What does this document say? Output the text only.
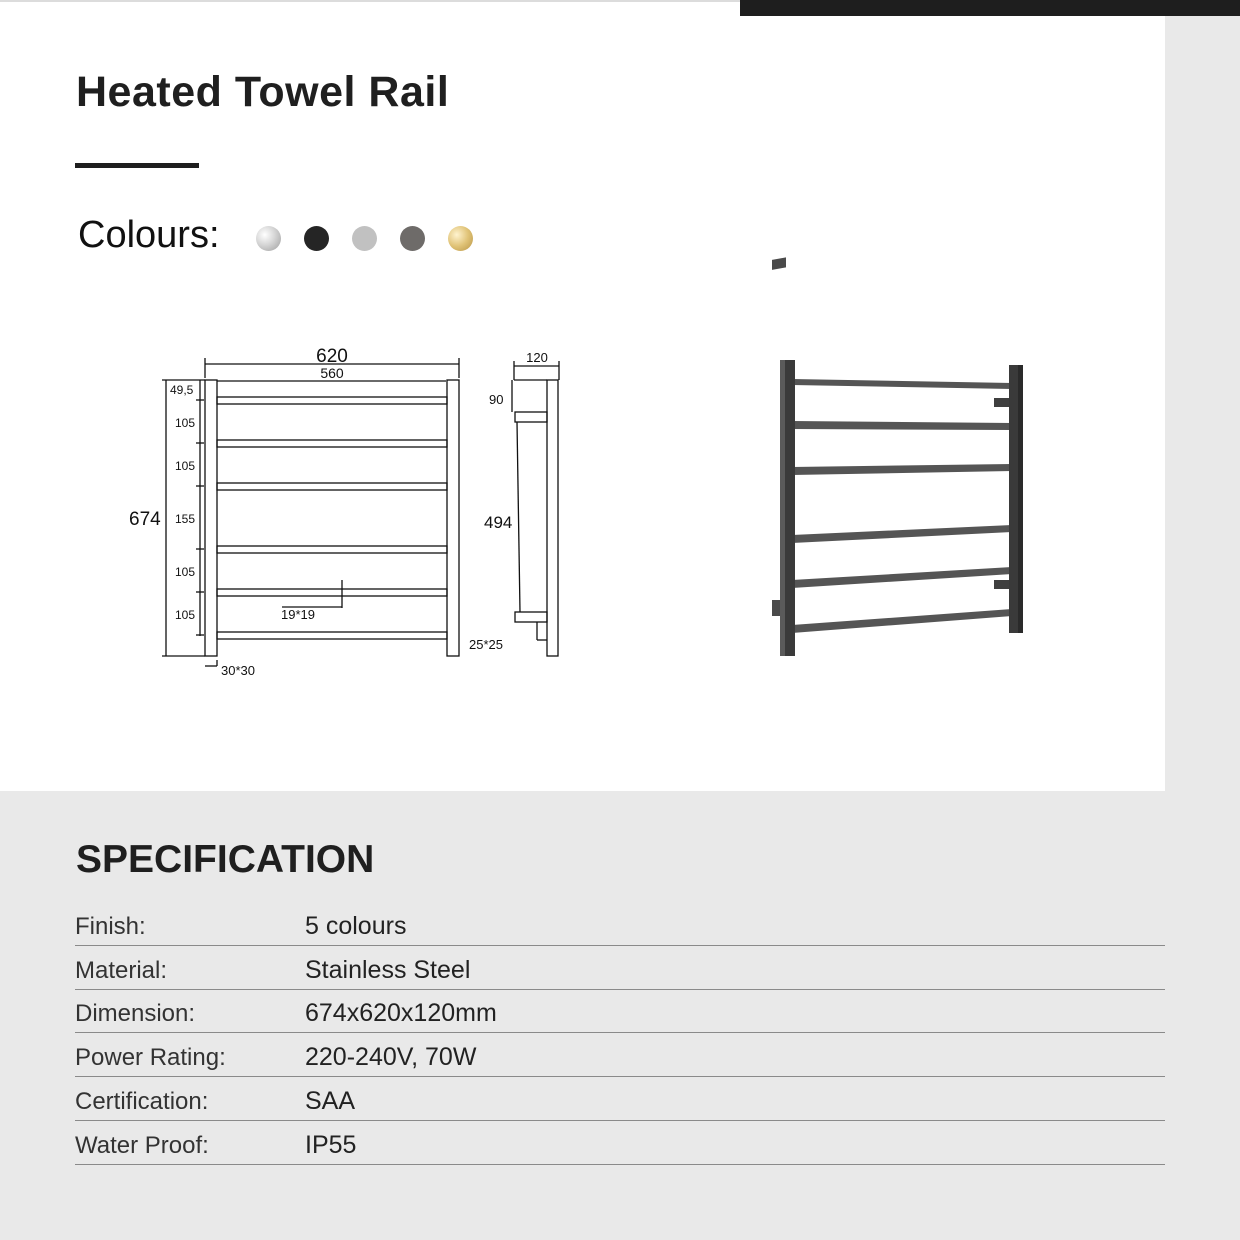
Heated Towel Rail
Colours:
620
560
674
49,5
105
105
155
105
105	19*19
30*30
120
90
494
25*25
SPECIFICATION
Finish:	5 colours
Material:	Stainless Steel
Dimension:	674x620x120mm
Power Rating:	220-240V, 70W
Certification:	SAA
Water Proof:	IP55
